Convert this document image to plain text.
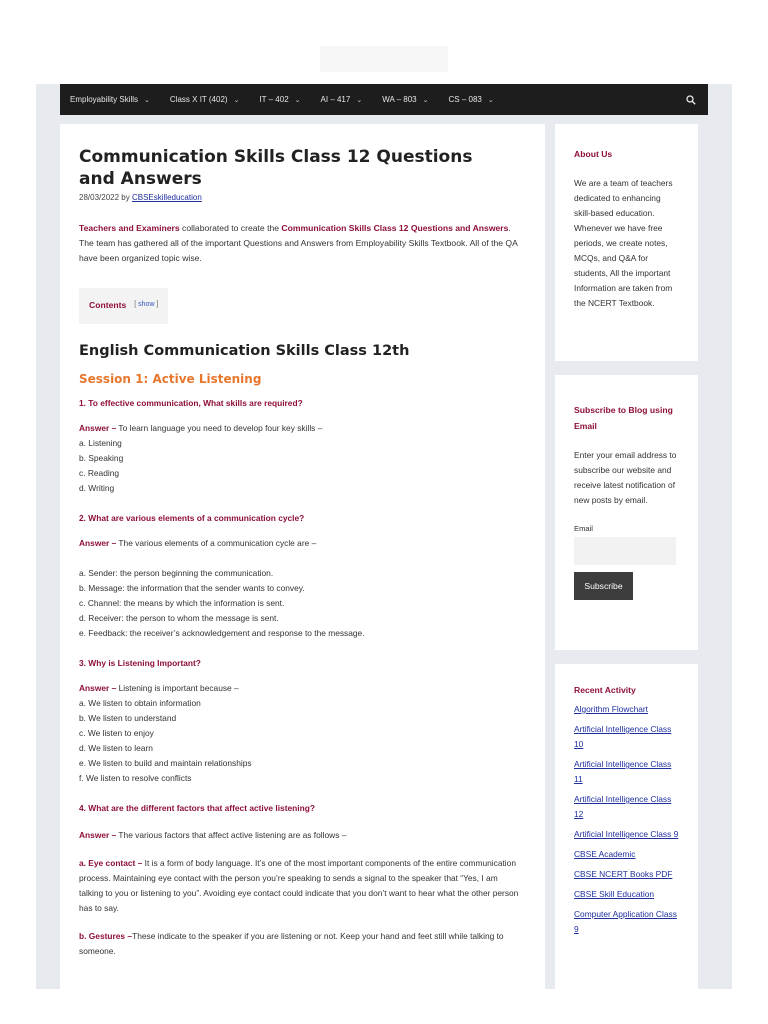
Employability Skills ⌄	Class X IT (402) ⌄	IT – 402 ⌄	AI – 417 ⌄	WA – 803 ⌄	CS – 083 ⌄
Communication Skills Class 12 Questions and Answers
28/03/2022 by CBSEskilleducation

Teachers and Examiners collaborated to create the Communication Skills Class 12 Questions and Answers. The team has gathered all of the important Questions and Answers from Employability Skills Textbook. All of the QA have been organized topic wise.

Contents [ show ]
English Communication Skills Class 12th
Session 1: Active Listening
1. To effective communication, What skills are required?
Answer – To learn language you need to develop four key skills –
a. Listening
b. Speaking
c. Reading
d. Writing
2. What are various elements of a communication cycle?
Answer – The various elements of a communication cycle are –
a. Sender: the person beginning the communication.
b. Message: the information that the sender wants to convey.
c. Channel: the means by which the information is sent.
d. Receiver: the person to whom the message is sent.
e. Feedback: the receiver’s acknowledgement and response to the message.
3. Why is Listening Important?
Answer – Listening is important because –
a. We listen to obtain information
b. We listen to understand
c. We listen to enjoy
d. We listen to learn
e. We listen to build and maintain relationships
f. We listen to resolve conflicts
4. What are the different factors that affect active listening?
Answer – The various factors that affect active listening are as follows –
a. Eye contact – It is a form of body language. It’s one of the most important components of the entire communication process. Maintaining eye contact with the person you’re speaking to sends a signal to the speaker that “Yes, I am talking to you or listening to you”. Avoiding eye contact could indicate that you don’t want to hear what the other person has to say.
b. Gestures –These indicate to the speaker if you are listening or not. Keep your hand and feet still while talking to someone.
About Us
We are a team of teachers dedicated to enhancing skill-based education. Whenever we have free periods, we create notes, MCQs, and Q&A for students, All the important Information are taken from the NCERT Textbook.
Subscribe to Blog using Email
Enter your email address to subscribe our website and receive latest notification of new posts by email.
Email
Subscribe
Recent Activity
Algorithm Flowchart
Artificial Intelligence Class 10
Artificial Intelligence Class 11
Artificial Intelligence Class 12
Artificial Intelligence Class 9
CBSE Academic
CBSE NCERT Books PDF
CBSE Skill Education
Computer Application Class 9
